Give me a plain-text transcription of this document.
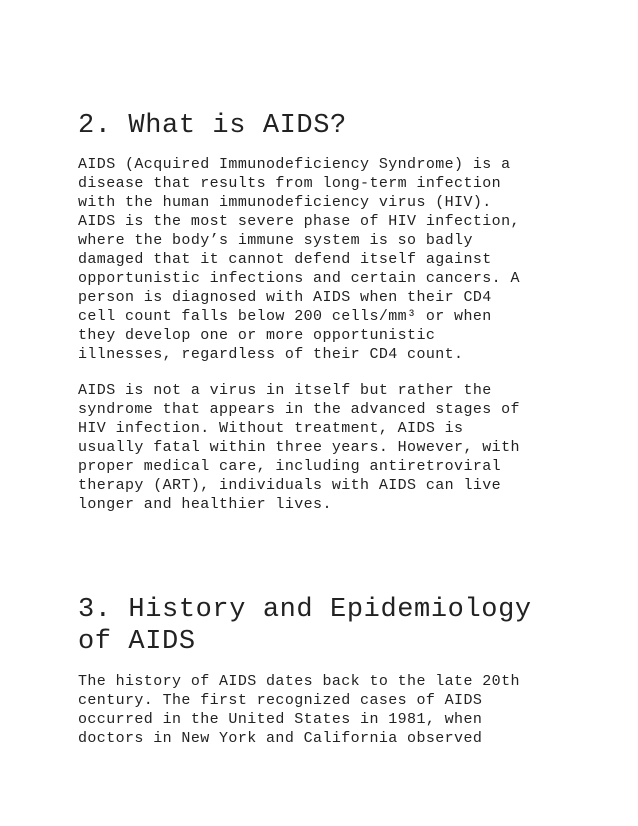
2. What is AIDS?
AIDS (Acquired Immunodeficiency Syndrome) is a
disease that results from long-term infection
with the human immunodeficiency virus (HIV).
AIDS is the most severe phase of HIV infection,
where the body’s immune system is so badly
damaged that it cannot defend itself against
opportunistic infections and certain cancers. A
person is diagnosed with AIDS when their CD4
cell count falls below 200 cells/mm³ or when
they develop one or more opportunistic
illnesses, regardless of their CD4 count.
AIDS is not a virus in itself but rather the
syndrome that appears in the advanced stages of
HIV infection. Without treatment, AIDS is
usually fatal within three years. However, with
proper medical care, including antiretroviral
therapy (ART), individuals with AIDS can live
longer and healthier lives.
3. History and Epidemiology
of AIDS
The history of AIDS dates back to the late 20th
century. The first recognized cases of AIDS
occurred in the United States in 1981, when
doctors in New York and California observed
